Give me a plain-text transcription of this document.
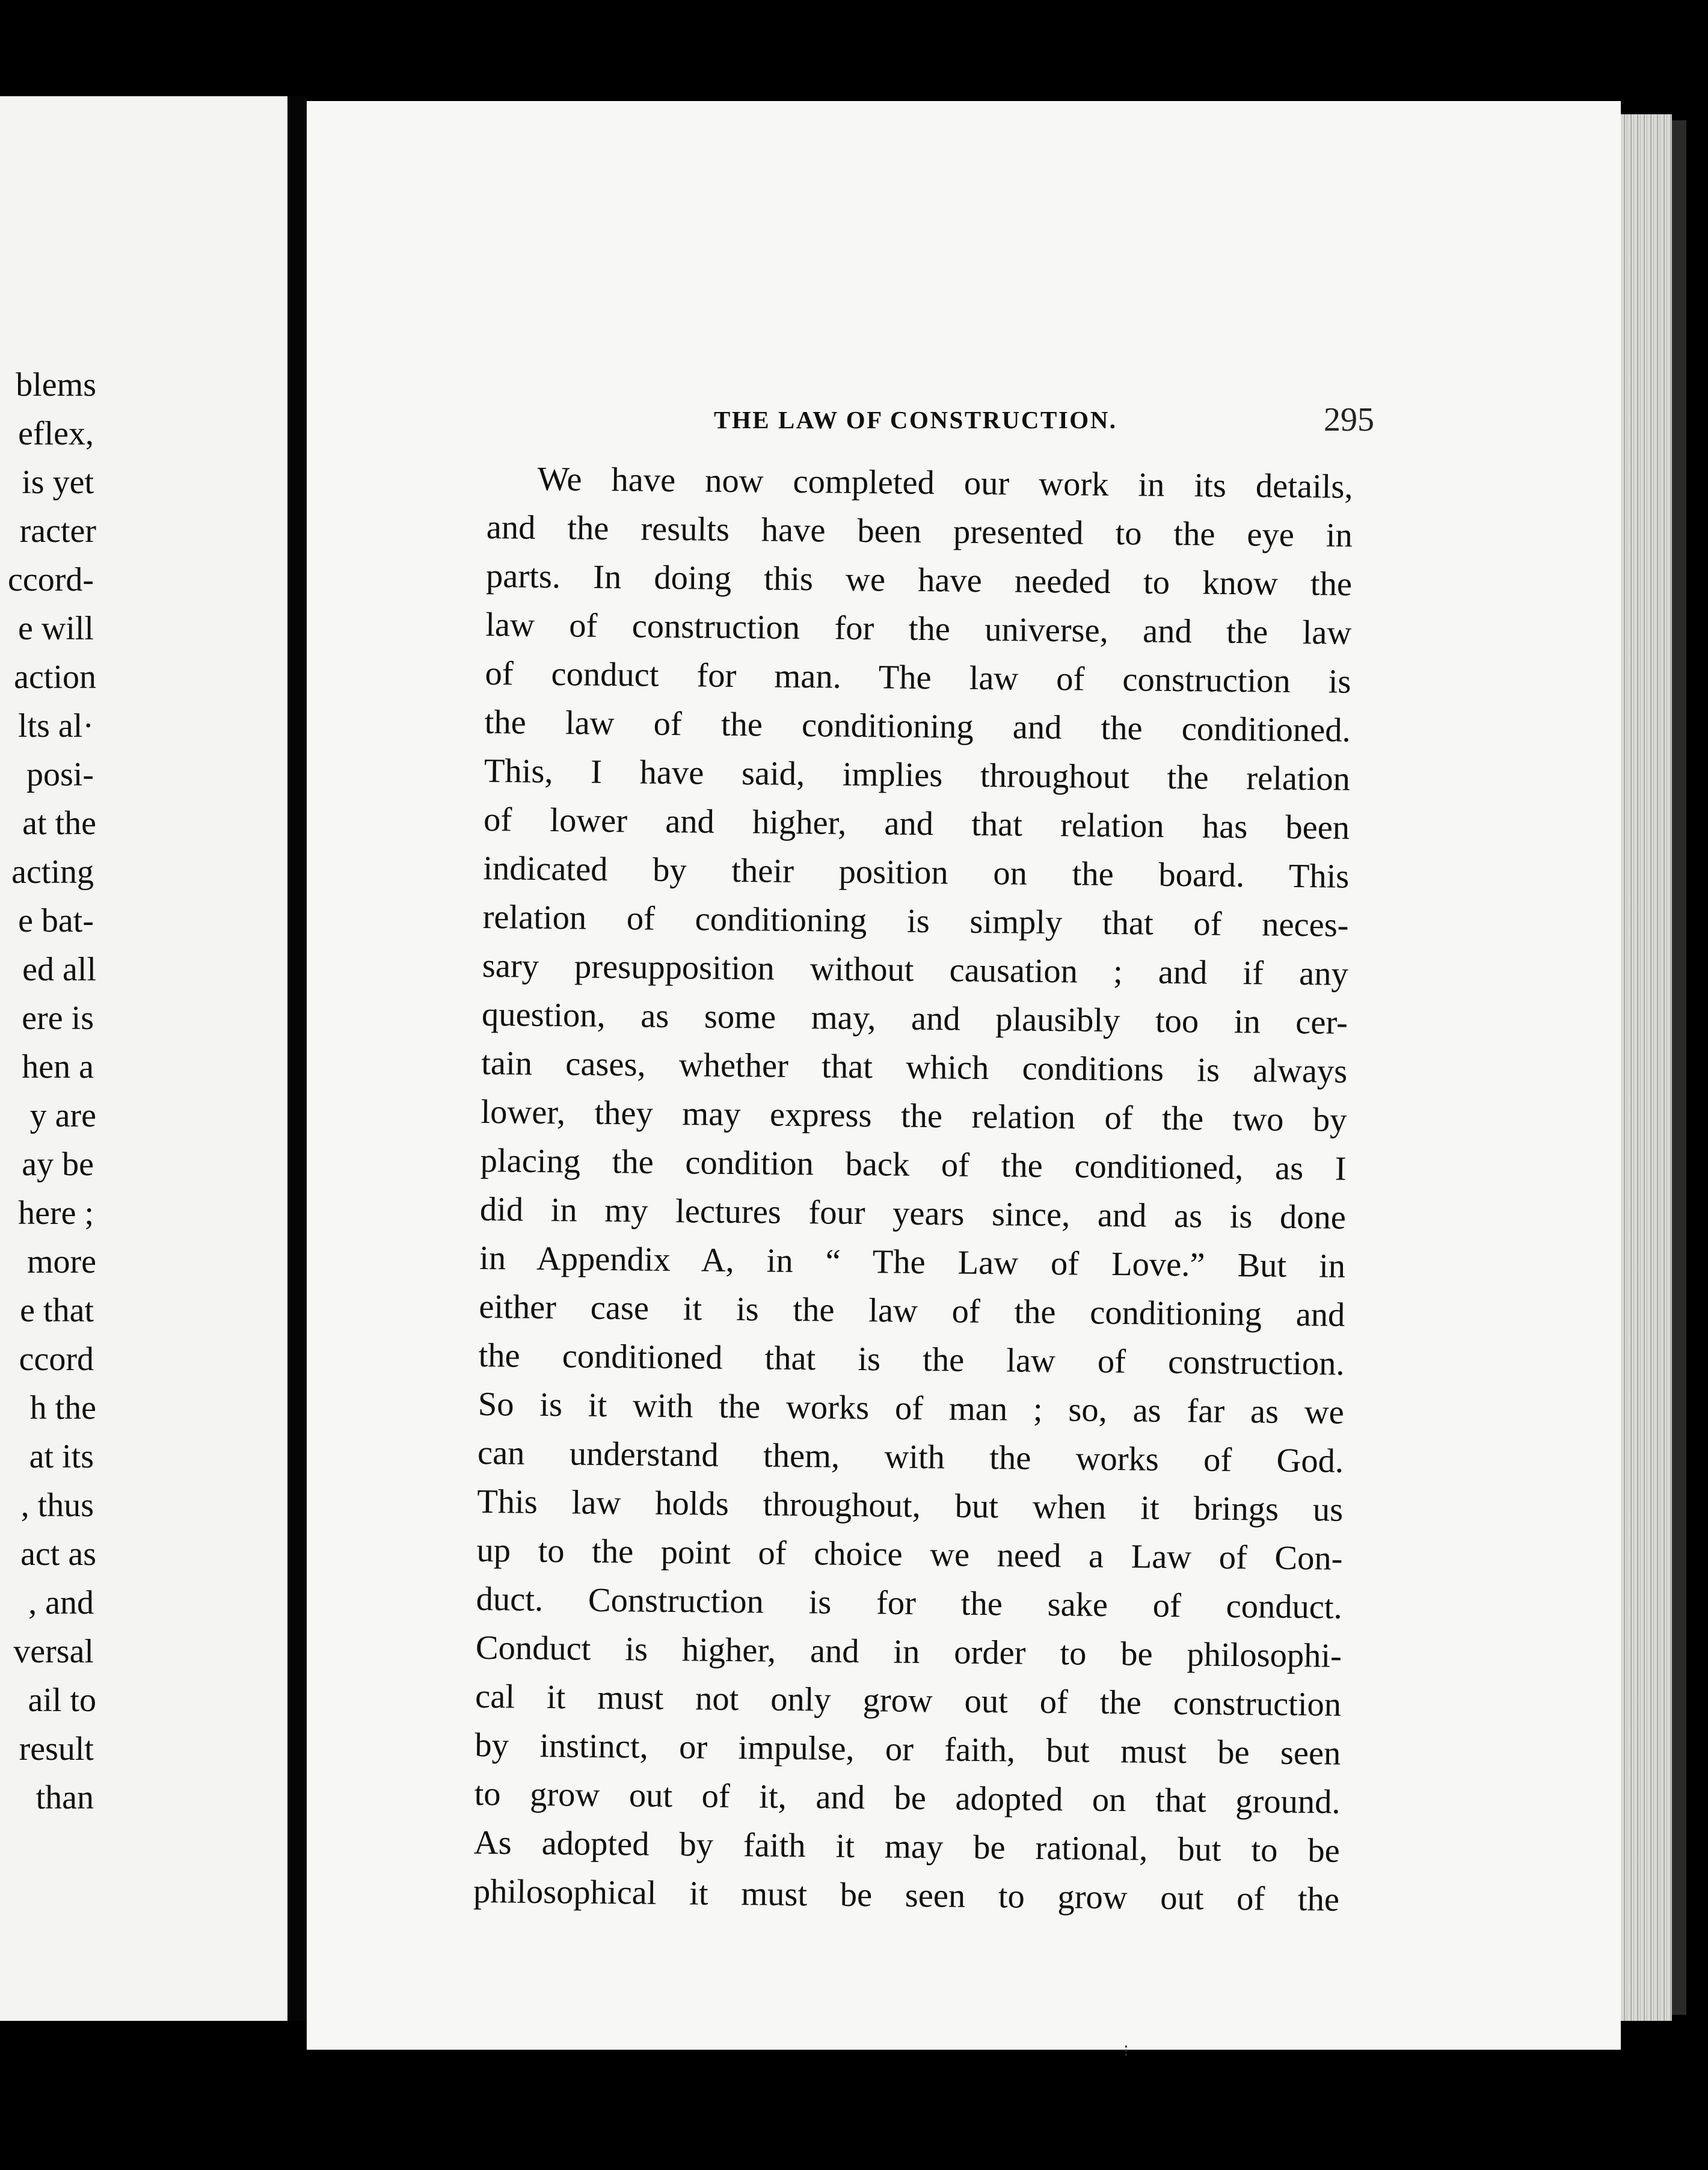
blems
eflex,
is yet
racter
ccord-
e will
action
lts al·
posi-
at the
acting
e bat-
ed all
ere is
hen a
y are
ay be
here ;
more
e that
ccord
h the
at its
, thus
act as
, and
versal
ail to
result
than
THE LAW OF CONSTRUCTION.	295
We have now completed our work in its details,
and the results have been presented to the eye in
parts. In doing this we have needed to know the
law of construction for the universe, and the law
of conduct for man. The law of construction is
the law of the conditioning and the conditioned.
This, I have said, implies throughout the relation
of lower and higher, and that relation has been
indicated by their position on the board. This
relation of conditioning is simply that of neces-
sary presupposition without causation ; and if any
question, as some may, and plausibly too in cer-
tain cases, whether that which conditions is always
lower, they may express the relation of the two by
placing the condition back of the conditioned, as I
did in my lectures four years since, and as is done
in Appendix A, in “ The Law of Love.” But in
either case it is the law of the conditioning and
the conditioned that is the law of construction.
So is it with the works of man ; so, as far as we
can understand them, with the works of God.
This law holds throughout, but when it brings us
up to the point of choice we need a Law of Con-
duct. Construction is for the sake of conduct.
Conduct is higher, and in order to be philosophi-
cal it must not only grow out of the construction
by instinct, or impulse, or faith, but must be seen
to grow out of it, and be adopted on that ground.
As adopted by faith it may be rational, but to be
philosophical it must be seen to grow out of the
⁝
